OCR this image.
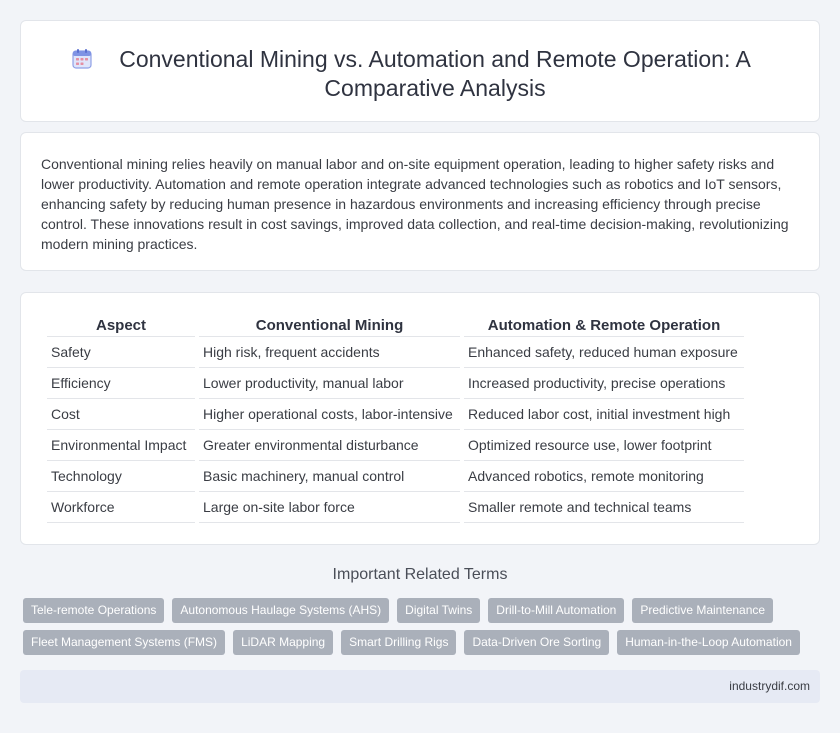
Conventional Mining vs. Automation and Remote Operation: A Comparative Analysis

Conventional mining relies heavily on manual labor and on-site equipment operation, leading to higher safety risks and lower productivity. Automation and remote operation integrate advanced technologies such as robotics and IoT sensors, enhancing safety by reducing human presence in hazardous environments and increasing efficiency through precise control. These innovations result in cost savings, improved data collection, and real-time decision-making, revolutionizing modern mining practices.

Aspect	Conventional Mining	Automation & Remote Operation
Safety	High risk, frequent accidents	Enhanced safety, reduced human exposure
Efficiency	Lower productivity, manual labor	Increased productivity, precise operations
Cost	Higher operational costs, labor-intensive	Reduced labor cost, initial investment high
Environmental Impact	Greater environmental disturbance	Optimized resource use, lower footprint
Technology	Basic machinery, manual control	Advanced robotics, remote monitoring
Workforce	Large on-site labor force	Smaller remote and technical teams
Important Related Terms
Tele-remote Operations	Autonomous Haulage Systems (AHS)	Digital Twins	Drill-to-Mill Automation	Predictive Maintenance
Fleet Management Systems (FMS)	LiDAR Mapping	Smart Drilling Rigs	Data-Driven Ore Sorting	Human-in-the-Loop Automation
industrydif.com
